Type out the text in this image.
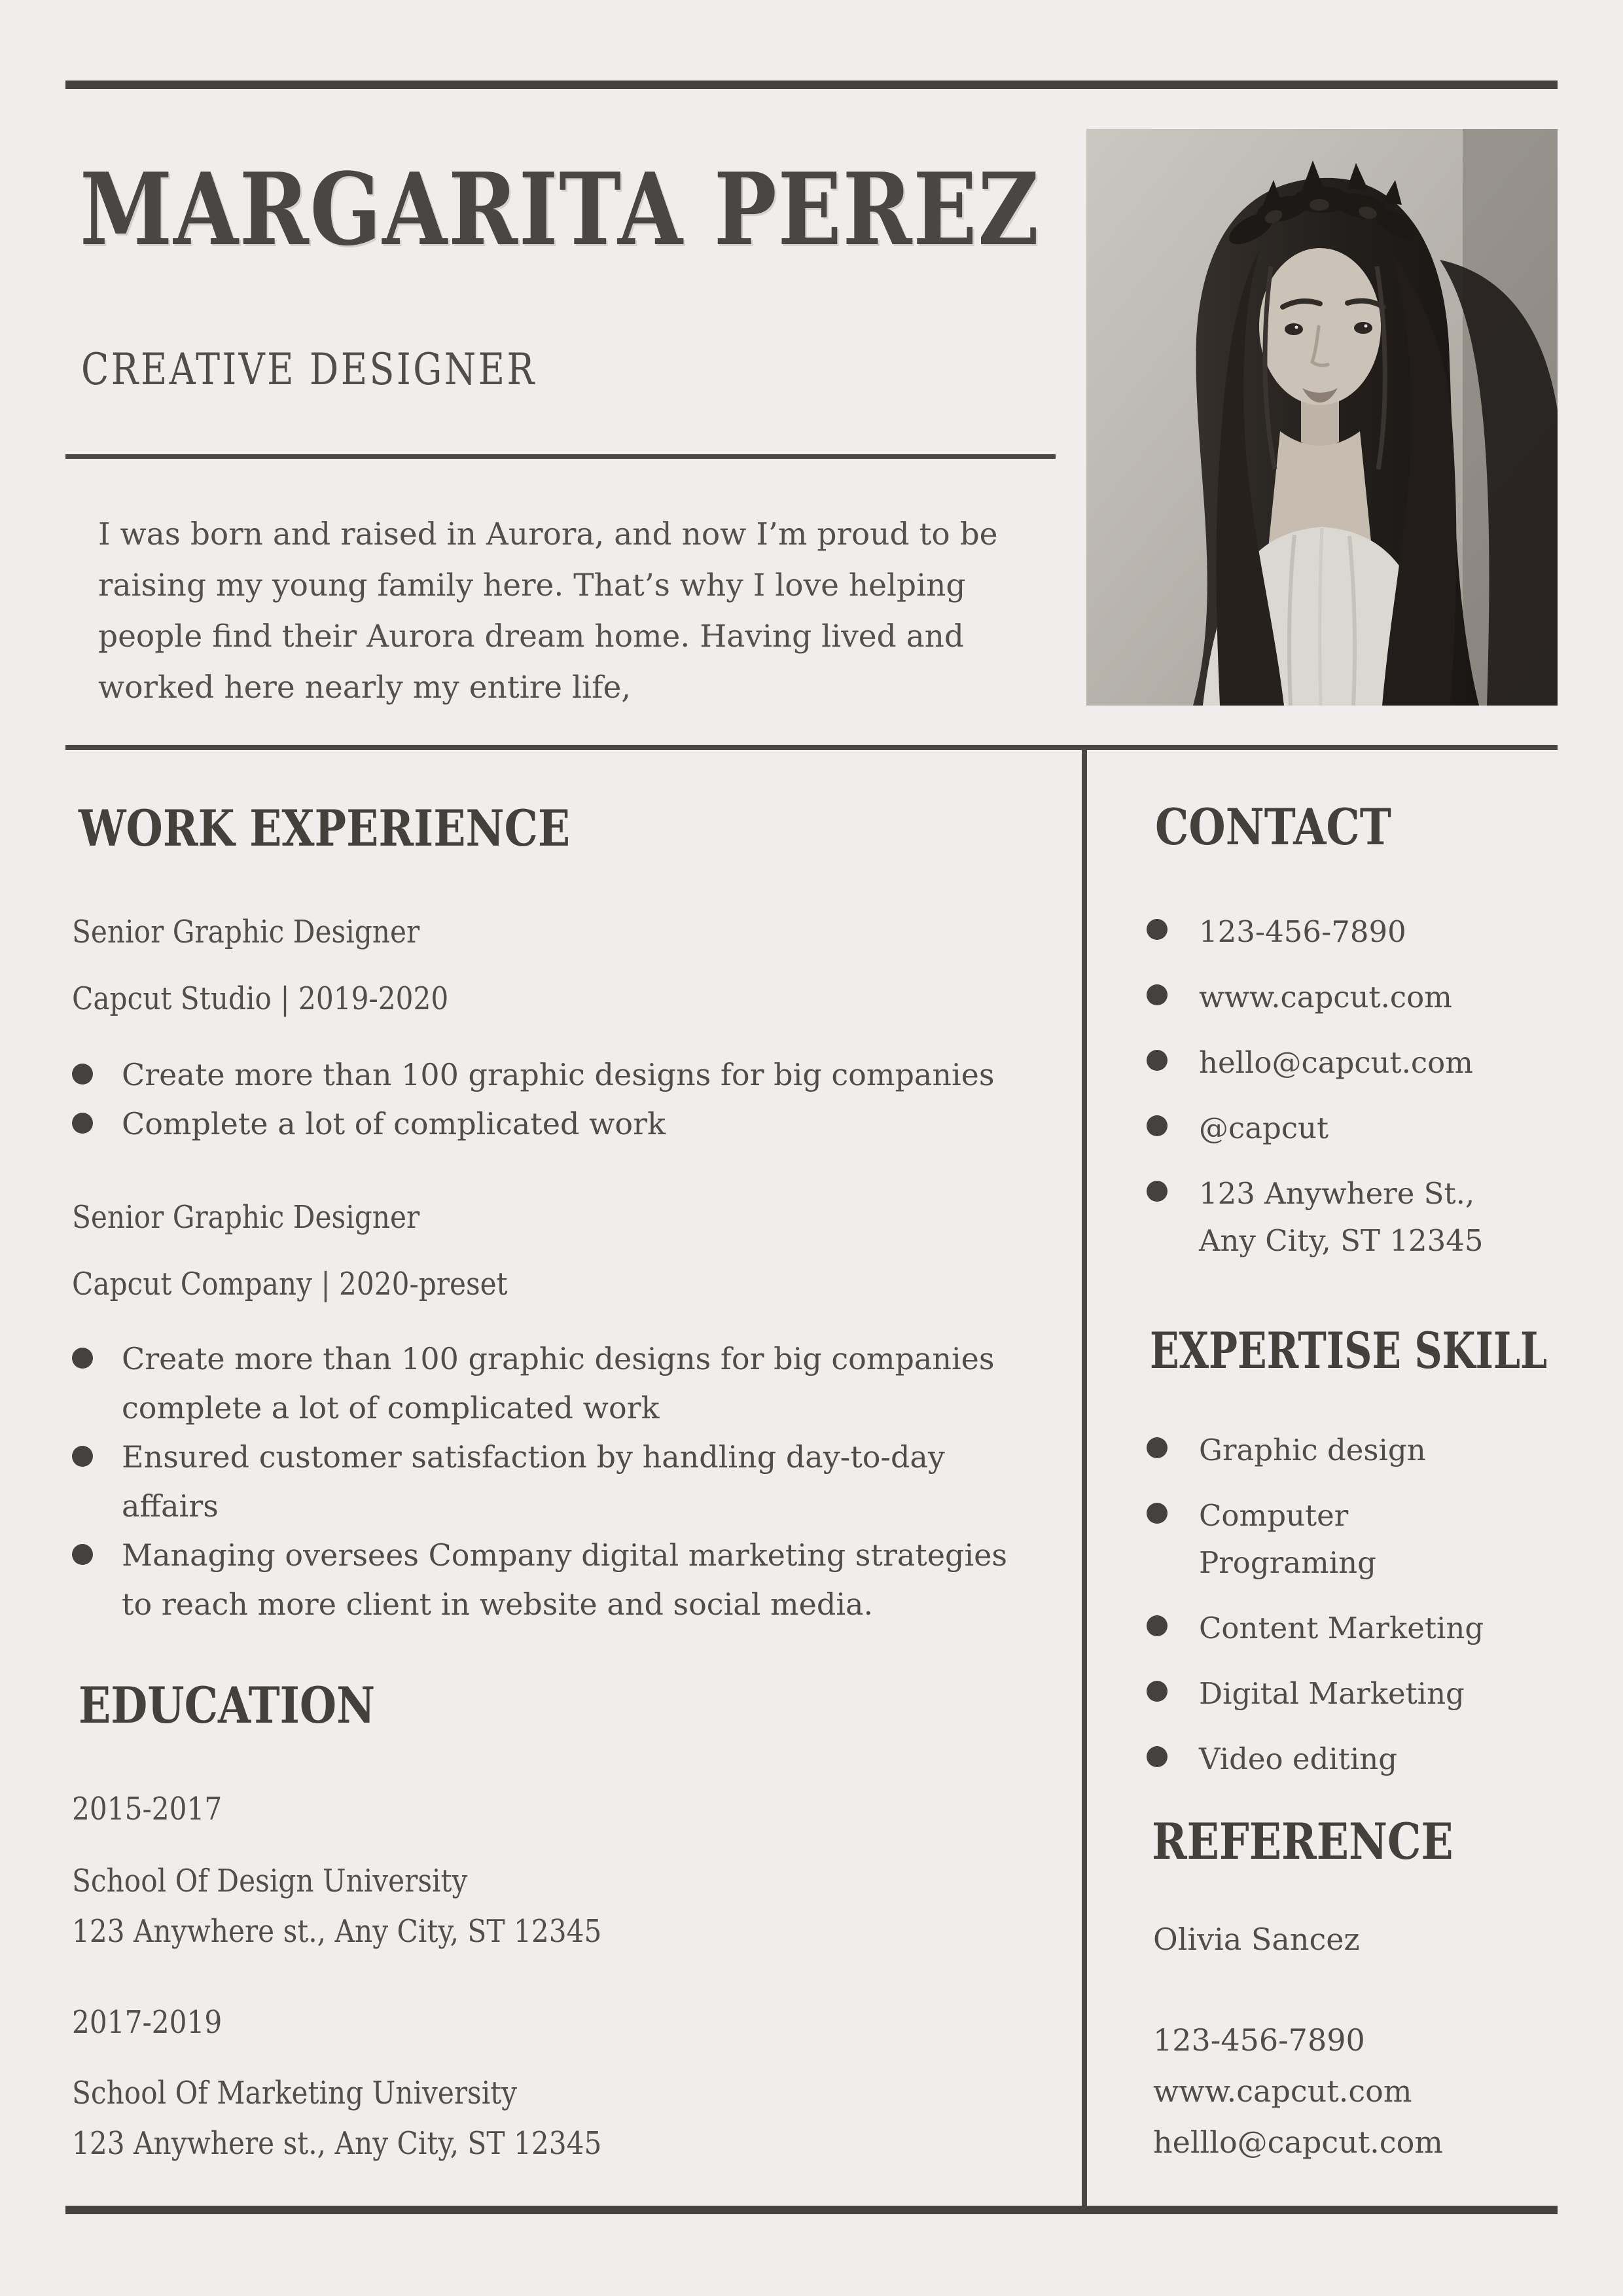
MARGARITA PEREZ
CREATIVE DESIGNER
I was born and raised in Aurora, and now I’m proud to be raising my young family here. That’s why I love helping people find their Aurora dream home. Having lived and worked here nearly my entire life,
WORK EXPERIENCE
Senior Graphic Designer
Capcut Studio | 2019-2020
Create more than 100 graphic designs for big companies
Complete a lot of complicated work
Senior Graphic Designer
Capcut Company | 2020-preset
Create more than 100 graphic designs for big companies complete a lot of complicated work
Ensured customer satisfaction by handling day-to-day affairs
Managing oversees Company digital marketing strategies to reach more client in website and social media.
EDUCATION
2015-2017
School Of Design University
123 Anywhere st., Any City, ST 12345
2017-2019
School Of Marketing University
123 Anywhere st., Any City, ST 12345
CONTACT
123-456-7890
www.capcut.com
hello@capcut.com
@capcut
123 Anywhere St., Any City, ST 12345
EXPERTISE SKILL
Graphic design
Computer Programing
Content Marketing
Digital Marketing
Video editing
REFERENCE
Olivia Sancez
123-456-7890
www.capcut.com
helllo@capcut.com
